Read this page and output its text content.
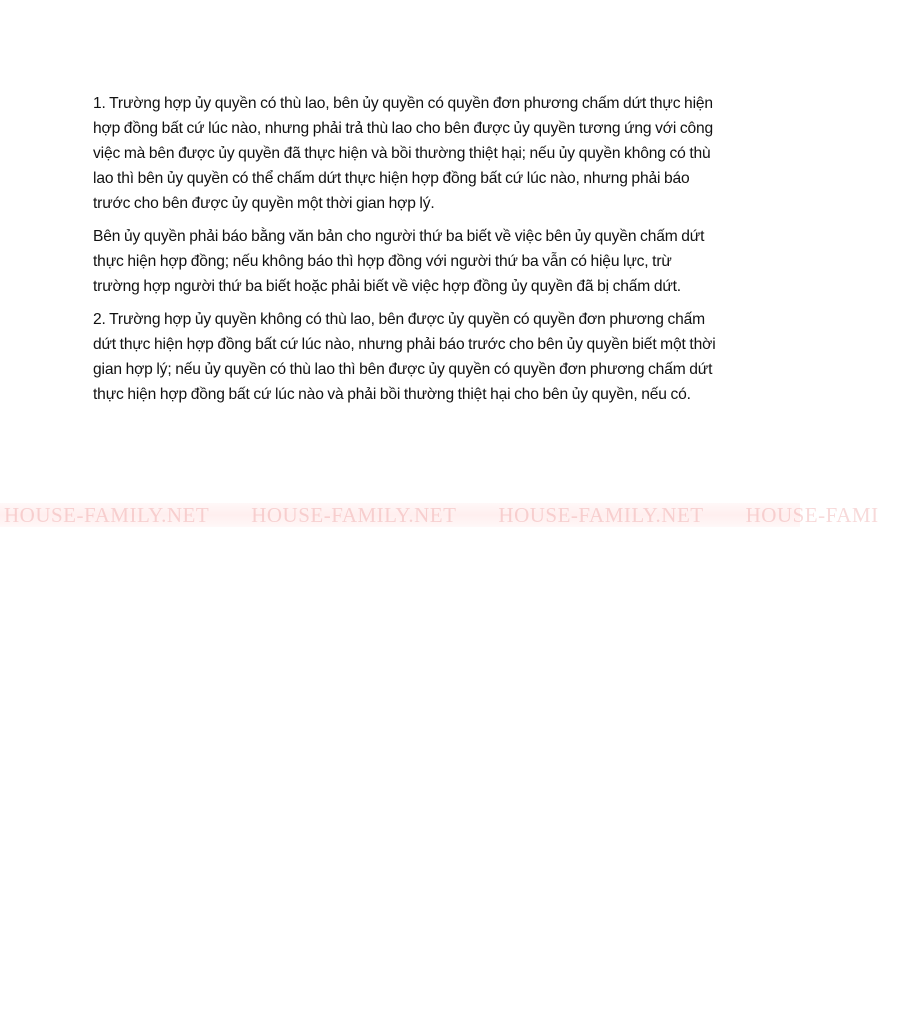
1. Trường hợp ủy quyền có thù lao, bên ủy quyền có quyền đơn phương chấm dứt thực hiện hợp đồng bất cứ lúc nào, nhưng phải trả thù lao cho bên được ủy quyền tương ứng với công việc mà bên được ủy quyền đã thực hiện và bồi thường thiệt hại; nếu ủy quyền không có thù lao thì bên ủy quyền có thể chấm dứt thực hiện hợp đồng bất cứ lúc nào, nhưng phải báo trước cho bên được ủy quyền một thời gian hợp lý.

Bên ủy quyền phải báo bằng văn bản cho người thứ ba biết về việc bên ủy quyền chấm dứt thực hiện hợp đồng; nếu không báo thì hợp đồng với người thứ ba vẫn có hiệu lực, trừ trường hợp người thứ ba biết hoặc phải biết về việc hợp đồng ủy quyền đã bị chấm dứt.

2. Trường hợp ủy quyền không có thù lao, bên được ủy quyền có quyền đơn phương chấm dứt thực hiện hợp đồng bất cứ lúc nào, nhưng phải báo trước cho bên ủy quyền biết một thời gian hợp lý; nếu ủy quyền có thù lao thì bên được ủy quyền có quyền đơn phương chấm dứt thực hiện hợp đồng bất cứ lúc nào và phải bồi thường thiệt hại cho bên ủy quyền, nếu có.

HOUSE-FAMILY.NET HOUSE-FAMILY.NET HOUSE-FAMILY.NET HOUSE-FAMI
